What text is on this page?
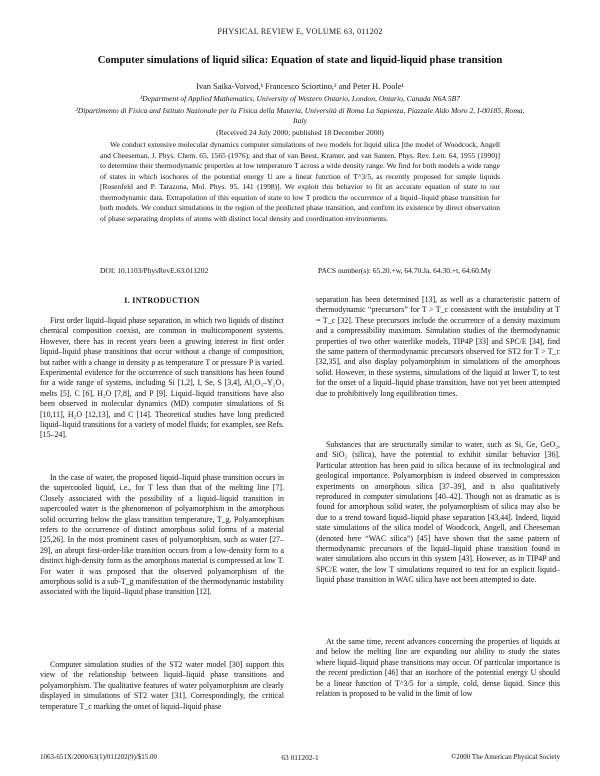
PHYSICAL REVIEW E, VOLUME 63, 011202
Computer simulations of liquid silica: Equation of state and liquid-liquid phase transition
Ivan Saika-Voivod,¹ Francesco Sciortino,² and Peter H. Poole¹
¹Department of Applied Mathematics, University of Western Ontario, London, Ontario, Canada N6A 5B7
²Dipartimento di Fisica and Istituto Nazionale per la Fisica della Materia, Università di Roma La Sapienza, Piazzale Aldo Moro 2, I-00185, Roma, Italy
(Received 24 July 2000; published 18 December 2000)

We conduct extensive molecular dynamics computer simulations of two models for liquid silica [the model of Woodcock, Angell and Cheeseman, J. Phys. Chem. 65, 1565 (1976); and that of van Beest, Kramer, and van Santen, Phys. Rev. Lett. 64, 1955 (1990)] to determine their thermodynamic properties at low temperature T across a wide density range. We find for both models a wide range of states in which isochores of the potential energy U are a linear function of T^3/5, as recently proposed for simple liquids [Rosenfeld and P. Tarazona, Mol. Phys. 95, 141 (1998)]. We exploit this behavior to fit an accurate equation of state to our thermodynamic data. Extrapolation of this equation of state to low T predicts the occurrence of a liquid–liquid phase transition for both models. We conduct simulations in the region of the predicted phase transition, and confirm its existence by direct observation of phase separating droplets of atoms with distinct local density and coordination environments.

DOI: 10.1103/PhysRevE.63.011202	PACS number(s): 65.20.+w, 64.70.Ja, 64.30.+t, 64.60.My
I. INTRODUCTION

First order liquid–liquid phase separation, in which two liquids of distinct chemical composition coexist, are common in multicomponent systems. However, there has in recent years been a growing interest in first order liquid–liquid phase transitions that occur without a change of composition, but rather with a change in density ρ as temperature T or pressure P is varied. Experimental evidence for the occurrence of such transitions has been found for a wide range of systems, including Si [1,2], I, Se, S [3,4], Al₂O₃–Y₂O₃ melts [5], C [6], H₂O [7,8], and P [9]. Liquid–liquid transitions have also been observed in molecular dynamics (MD) computer simulations of Si [10,11], H₂O [12,13], and C [14]. Theoretical studies have long predicted liquid–liquid transitions for a variety of model fluids; for examples, see Refs. [15–24].

In the case of water, the proposed liquid–liquid phase transition occurs in the supercooled liquid, i.e., for T less than that of the melting line [7]. Closely associated with the possibility of a liquid–liquid transition in supercooled water is the phenomenon of polyamorphism in the amorphous solid occurring below the glass transition temperature, T_g. Polyamorphism refers to the occurrence of distinct amorphous solid forms of a material [25,26]. In the most prominent cases of polyamorphism, such as water [27–29], an abrupt first-order-like transition occurs from a low-density form to a distinct high-density form as the amorphous material is compressed at low T. For water it was proposed that the observed polyamorphism of the amorphous solid is a sub-T_g manifestation of the thermodynamic instability associated with the liquid–liquid phase transition [12].

Computer simulation studies of the ST2 water model [30] support this view of the relationship between liquid–liquid phase transitions and polyamorphism. The qualitative features of water polyamorphism are clearly displayed in simulations of ST2 water [31]. Correspondingly, the critical temperature T_c marking the onset of liquid–liquid phase

separation has been determined [13], as well as a characteristic pattern of thermodynamic “precursors” for T > T_c consistent with the instability at T = T_c [32]. These precursors include the occurrence of a density maximum and a compressibility maximum. Simulation studies of the thermodynamic properties of two other waterlike models, TIP4P [33] and SPC/E [34], find the same pattern of thermodynamic precursors observed for ST2 for T > T_c [32,35], and also display polyamorphism in simulations of the amorphous solid. However, in these systems, simulations of the liquid at lower T, to test for the onset of a liquid–liquid phase transition, have not yet been attempted due to prohibitively long equilibration times.

Substances that are structurally similar to water, such as Si, Ge, GeO₂, and SiO₂ (silica), have the potential to exhibit similar behavior [36]. Particular attention has been paid to silica because of its technological and geological importance. Polyamorphism is indeed observed in compression experiments on amorphous silica [37–39], and is also qualitatively reproduced in computer simulations [40–42]. Though not as dramatic as is found for amorphous solid water, the polyamorphism of silica may also be due to a trend toward liquid–liquid phase separation [43,44]. Indeed, liquid state simulations of the silica model of Woodcock, Angell, and Cheeseman (denoted here “WAC silica”) [45] have shown that the same pattern of thermodynamic precursors of the liquid–liquid phase transition found in water simulations also occurs in this system [43]. However, as in TIP4P and SPC/E water, the low T simulations required to test for an explicit liquid–liquid phase transition in WAC silica have not been attempted to date.

At the same time, recent advances concerning the properties of liquids at and below the melting line are expanding our ability to study the states where liquid–liquid phase transitions may occur. Of particular importance is the recent prediction [46] that an isochore of the potential energy U should be a linear function of T^3/5 for a simple, cold, dense liquid. Since this relation is proposed to be valid in the limit of low

1063-651X/2000/63(1)/011202(9)/$15.00	63 011202-1	©2000 The American Physical Society
